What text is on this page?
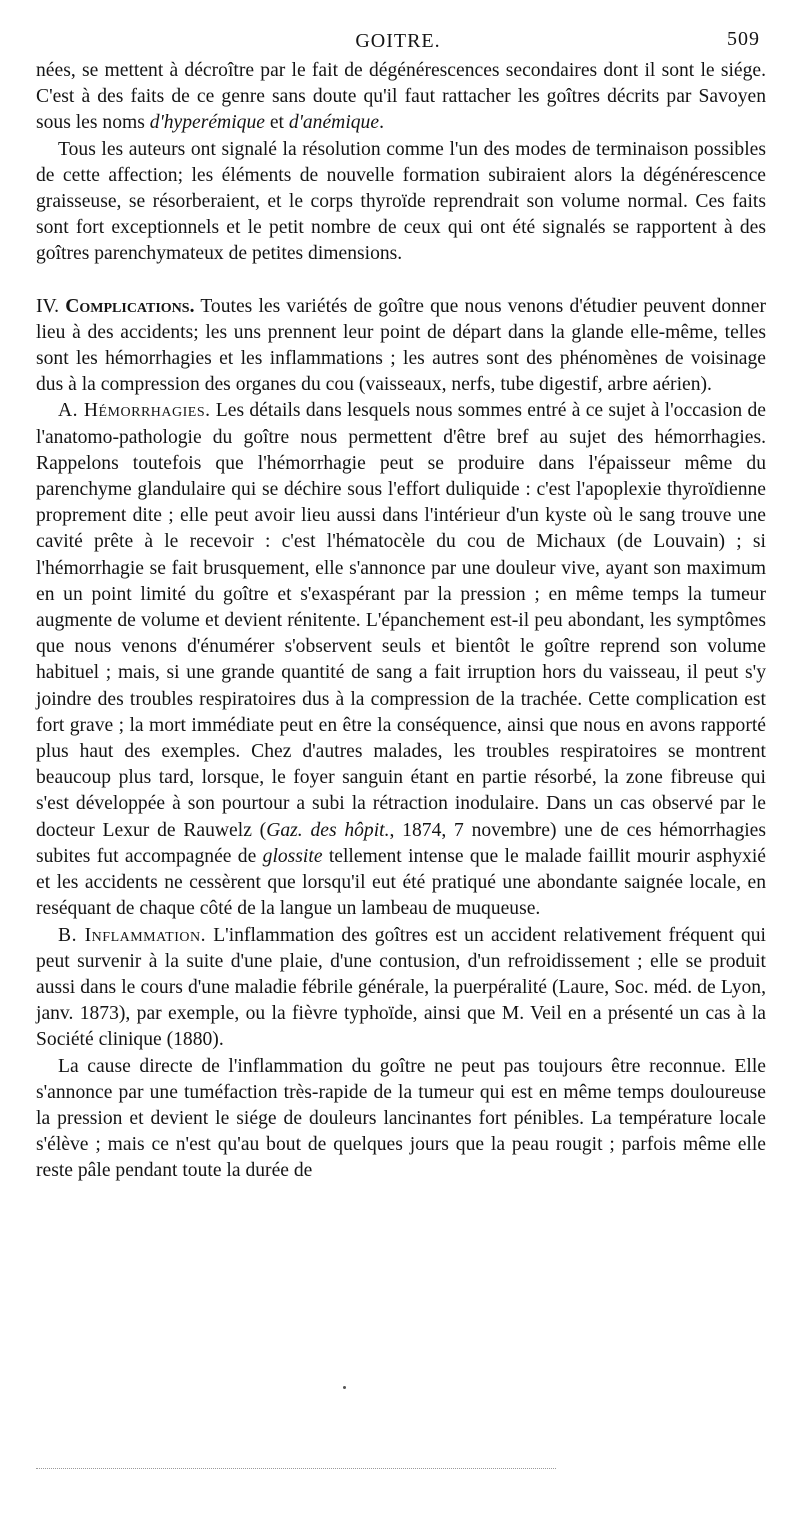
GOITRE.	509

nées, se mettent à décroître par le fait de dégénérescences secondaires dont il sont le siége. C'est à des faits de ce genre sans doute qu'il faut rattacher les goîtres décrits par Savoyen sous les noms d'hyperémique et d'anémique.

Tous les auteurs ont signalé la résolution comme l'un des modes de terminaison possibles de cette affection; les éléments de nouvelle formation subiraient alors la dégénérescence graisseuse, se résorberaient, et le corps thyroïde reprendrait son volume normal. Ces faits sont fort exceptionnels et le petit nombre de ceux qui ont été signalés se rapportent à des goîtres parenchymateux de petites dimensions.

IV. Complications. Toutes les variétés de goître que nous venons d'étudier peuvent donner lieu à des accidents; les uns prennent leur point de départ dans la glande elle-même, telles sont les hémorrhagies et les inflammations ; les autres sont des phénomènes de voisinage dus à la compression des organes du cou (vaisseaux, nerfs, tube digestif, arbre aérien).

A. Hémorrhagies. Les détails dans lesquels nous sommes entré à ce sujet à l'occasion de l'anatomo-pathologie du goître nous permettent d'être bref au sujet des hémorrhagies. Rappelons toutefois que l'hémorrhagie peut se produire dans l'épaisseur même du parenchyme glandulaire qui se déchire sous l'effort duliquide : c'est l'apoplexie thyroïdienne proprement dite ; elle peut avoir lieu aussi dans l'intérieur d'un kyste où le sang trouve une cavité prête à le recevoir : c'est l'hématocèle du cou de Michaux (de Louvain) ; si l'hémorrhagie se fait brusquement, elle s'annonce par une douleur vive, ayant son maximum en un point limité du goître et s'exaspérant par la pression ; en même temps la tumeur augmente de volume et devient rénitente. L'épanchement est-il peu abondant, les symptômes que nous venons d'énumérer s'observent seuls et bientôt le goître reprend son volume habituel ; mais, si une grande quantité de sang a fait irruption hors du vaisseau, il peut s'y joindre des troubles respiratoires dus à la compression de la trachée. Cette complication est fort grave ; la mort immédiate peut en être la conséquence, ainsi que nous en avons rapporté plus haut des exemples. Chez d'autres malades, les troubles respiratoires se montrent beaucoup plus tard, lorsque, le foyer sanguin étant en partie résorbé, la zone fibreuse qui s'est développée à son pourtour a subi la rétraction inodulaire. Dans un cas observé par le docteur Lexur de Rauwelz (Gaz. des hôpit., 1874, 7 novembre) une de ces hémorrhagies subites fut accompagnée de glossite tellement intense que le malade faillit mourir asphyxié et les accidents ne cessèrent que lorsqu'il eut été pratiqué une abondante saignée locale, en reséquant de chaque côté de la langue un lambeau de muqueuse.

B. Inflammation. L'inflammation des goîtres est un accident relativement fréquent qui peut survenir à la suite d'une plaie, d'une contusion, d'un refroidissement ; elle se produit aussi dans le cours d'une maladie fébrile générale, la puerpéralité (Laure, Soc. méd. de Lyon, janv. 1873), par exemple, ou la fièvre typhoïde, ainsi que M. Veil en a présenté un cas à la Société clinique (1880).

La cause directe de l'inflammation du goître ne peut pas toujours être reconnue. Elle s'annonce par une tuméfaction très-rapide de la tumeur qui est en même temps douloureuse la pression et devient le siége de douleurs lancinantes fort pénibles. La température locale s'élève ; mais ce n'est qu'au bout de quelques jours que la peau rougit ; parfois même elle reste pâle pendant toute la durée de
